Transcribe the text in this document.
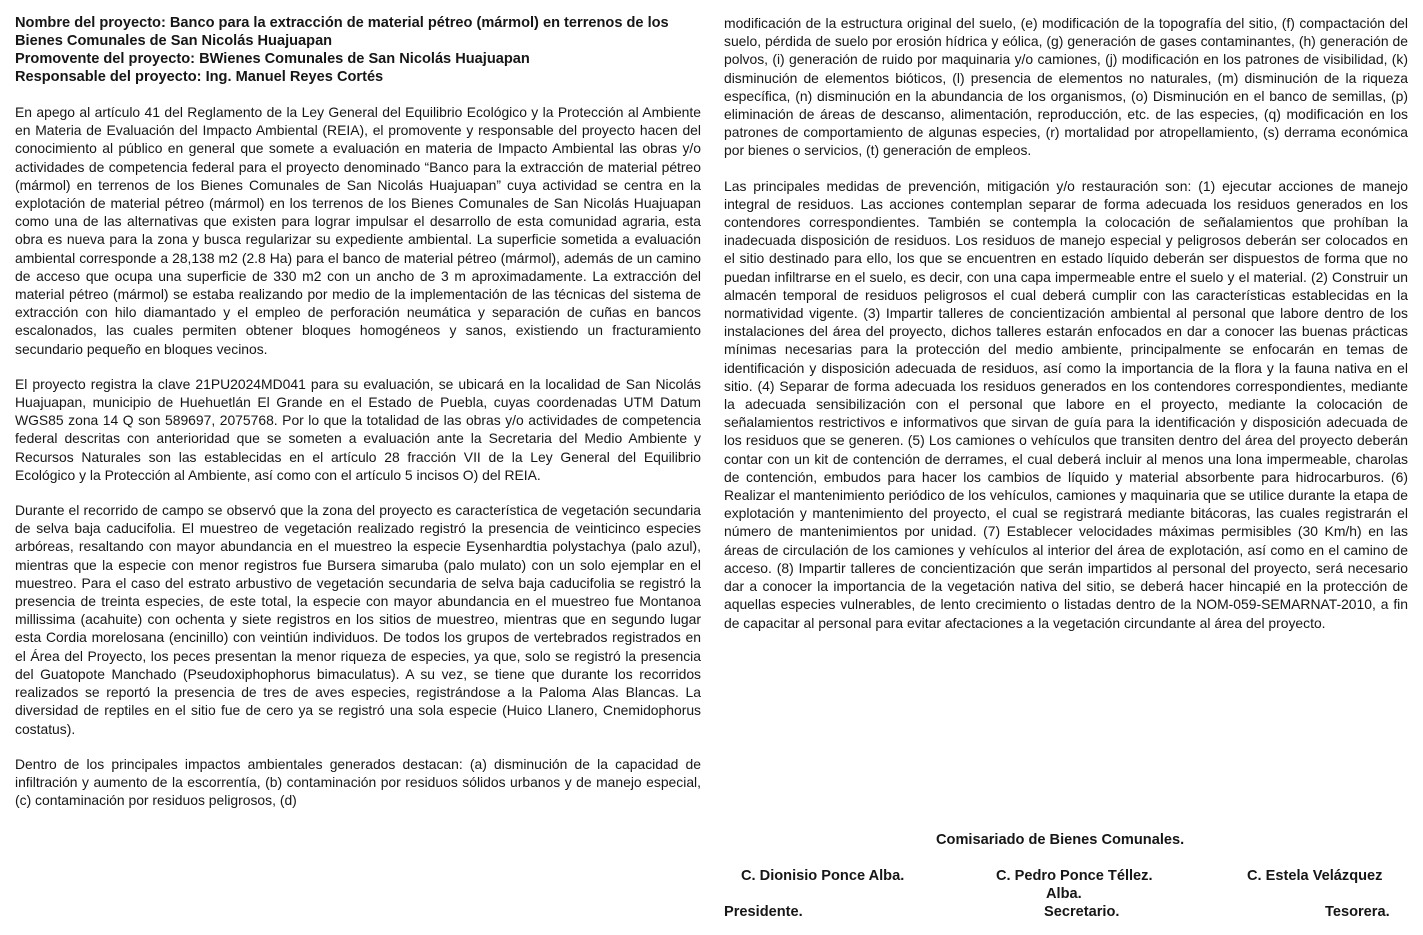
Nombre del proyecto: Banco para la extracción de material pétreo (mármol) en terrenos de los Bienes Comunales de San Nicolás Huajuapan

Promovente del proyecto: BWienes Comunales de San Nicolás Huajuapan

Responsable del proyecto: Ing. Manuel Reyes Cortés

En apego al artículo 41 del Reglamento de la Ley General del Equilibrio Ecológico y la Protección al Ambiente en Materia de Evaluación del Impacto Ambiental (REIA), el promovente y responsable del proyecto hacen del conocimiento al público en general que somete a evaluación en materia de Impacto Ambiental las obras y/o actividades de competencia federal para el proyecto denominado “Banco para la extracción de material pétreo (mármol) en terrenos de los Bienes Comunales de San Nicolás Huajuapan” cuya actividad se centra en la explotación de material pétreo (mármol) en los terrenos de los Bienes Comunales de San Nicolás Huajuapan como una de las alternativas que existen para lograr impulsar el desarrollo de esta comunidad agraria, esta obra es nueva para la zona y busca regularizar su expediente ambiental. La superficie sometida a evaluación ambiental corresponde a 28,138 m2 (2.8 Ha) para el banco de material pétreo (mármol), además de un camino de acceso que ocupa una superficie de 330 m2 con un ancho de 3 m aproximadamente. La extracción del material pétreo (mármol) se estaba realizando por medio de la implementación de las técnicas del sistema de extracción con hilo diamantado y el empleo de perforación neumática y separación de cuñas en bancos escalonados, las cuales permiten obtener bloques homogéneos y sanos, existiendo un fracturamiento secundario pequeño en bloques vecinos.

El proyecto registra la clave 21PU2024MD041 para su evaluación, se ubicará en la localidad de San Nicolás Huajuapan, municipio de Huehuetlán El Grande en el Estado de Puebla, cuyas coordenadas UTM Datum WGS85 zona 14 Q son 589697, 2075768. Por lo que la totalidad de las obras y/o actividades de competencia federal descritas con anterioridad que se someten a evaluación ante la Secretaria del Medio Ambiente y Recursos Naturales son las establecidas en el artículo 28 fracción VII de la Ley General del Equilibrio Ecológico y la Protección al Ambiente, así como con el artículo 5 incisos O) del REIA.

Durante el recorrido de campo se observó que la zona del proyecto es característica de vegetación secundaria de selva baja caducifolia. El muestreo de vegetación realizado registró la presencia de veinticinco especies arbóreas, resaltando con mayor abundancia en el muestreo la especie Eysenhardtia polystachya (palo azul), mientras que la especie con menor registros fue Bursera simaruba (palo mulato) con un solo ejemplar en el muestreo. Para el caso del estrato arbustivo de vegetación secundaria de selva baja caducifolia se registró la presencia de treinta especies, de este total, la especie con mayor abundancia en el muestreo fue Montanoa millissima (acahuite) con ochenta y siete registros en los sitios de muestreo, mientras que en segundo lugar esta Cordia morelosana (encinillo) con veintiún individuos. De todos los grupos de vertebrados registrados en el Área del Proyecto, los peces presentan la menor riqueza de especies, ya que, solo se registró la presencia del Guatopote Manchado (Pseudoxiphophorus bimaculatus). A su vez, se tiene que durante los recorridos realizados se reportó la presencia de tres de aves especies, registrándose a la Paloma Alas Blancas. La diversidad de reptiles en el sitio fue de cero ya se registró una sola especie (Huico Llanero, Cnemidophorus costatus).

Dentro de los principales impactos ambientales generados destacan: (a) disminución de la capacidad de infiltración y aumento de la escorrentía, (b) contaminación por residuos sólidos urbanos y de manejo especial, (c) contaminación por residuos peligrosos, (d)

modificación de la estructura original del suelo, (e) modificación de la topografía del sitio, (f) compactación del suelo, pérdida de suelo por erosión hídrica y eólica, (g) generación de gases contaminantes, (h) generación de polvos, (i) generación de ruido por maquinaria y/o camiones, (j) modificación en los patrones de visibilidad, (k) disminución de elementos bióticos, (l) presencia de elementos no naturales, (m) disminución de la riqueza específica, (n) disminución en la abundancia de los organismos, (o) Disminución en el banco de semillas, (p) eliminación de áreas de descanso, alimentación, reproducción, etc. de las especies, (q) modificación en los patrones de comportamiento de algunas especies, (r) mortalidad por atropellamiento, (s) derrama económica por bienes o servicios, (t) generación de empleos.

Las principales medidas de prevención, mitigación y/o restauración son: (1) ejecutar acciones de manejo integral de residuos. Las acciones contemplan separar de forma adecuada los residuos generados en los contendores correspondientes. También se contempla la colocación de señalamientos que prohíban la inadecuada disposición de residuos. Los residuos de manejo especial y peligrosos deberán ser colocados en el sitio destinado para ello, los que se encuentren en estado líquido deberán ser dispuestos de forma que no puedan infiltrarse en el suelo, es decir, con una capa impermeable entre el suelo y el material. (2) Construir un almacén temporal de residuos peligrosos el cual deberá cumplir con las características establecidas en la normatividad vigente. (3) Impartir talleres de concientización ambiental al personal que labore dentro de los instalaciones del área del proyecto, dichos talleres estarán enfocados en dar a conocer las buenas prácticas mínimas necesarias para la protección del medio ambiente, principalmente se enfocarán en temas de identificación y disposición adecuada de residuos, así como la importancia de la flora y la fauna nativa en el sitio. (4) Separar de forma adecuada los residuos generados en los contendores correspondientes, mediante la adecuada sensibilización con el personal que labore en el proyecto, mediante la colocación de señalamientos restrictivos e informativos que sirvan de guía para la identificación y disposición adecuada de los residuos que se generen. (5) Los camiones o vehículos que transiten dentro del área del proyecto deberán contar con un kit de contención de derrames, el cual deberá incluir al menos una lona impermeable, charolas de contención, embudos para hacer los cambios de líquido y material absorbente para hidrocarburos. (6) Realizar el mantenimiento periódico de los vehículos, camiones y maquinaria que se utilice durante la etapa de explotación y mantenimiento del proyecto, el cual se registrará mediante bitácoras, las cuales registrarán el número de mantenimientos por unidad. (7) Establecer velocidades máximas permisibles (30 Km/h) en las áreas de circulación de los camiones y vehículos al interior del área de explotación, así como en el camino de acceso. (8) Impartir talleres de concientización que serán impartidos al personal del proyecto, será necesario dar a conocer la importancia de la vegetación nativa del sitio, se deberá hacer hincapié en la protección de aquellas especies vulnerables, de lento crecimiento o listadas dentro de la NOM-059-SEMARNAT-2010, a fin de capacitar al personal para evitar afectaciones a la vegetación circundante al área del proyecto.

Comisariado de Bienes Comunales.
C. Dionisio Ponce Alba.
Presidente.
C. Pedro Ponce Téllez.
Alba.
Secretario.
C. Estela Velázquez
Tesorera.
